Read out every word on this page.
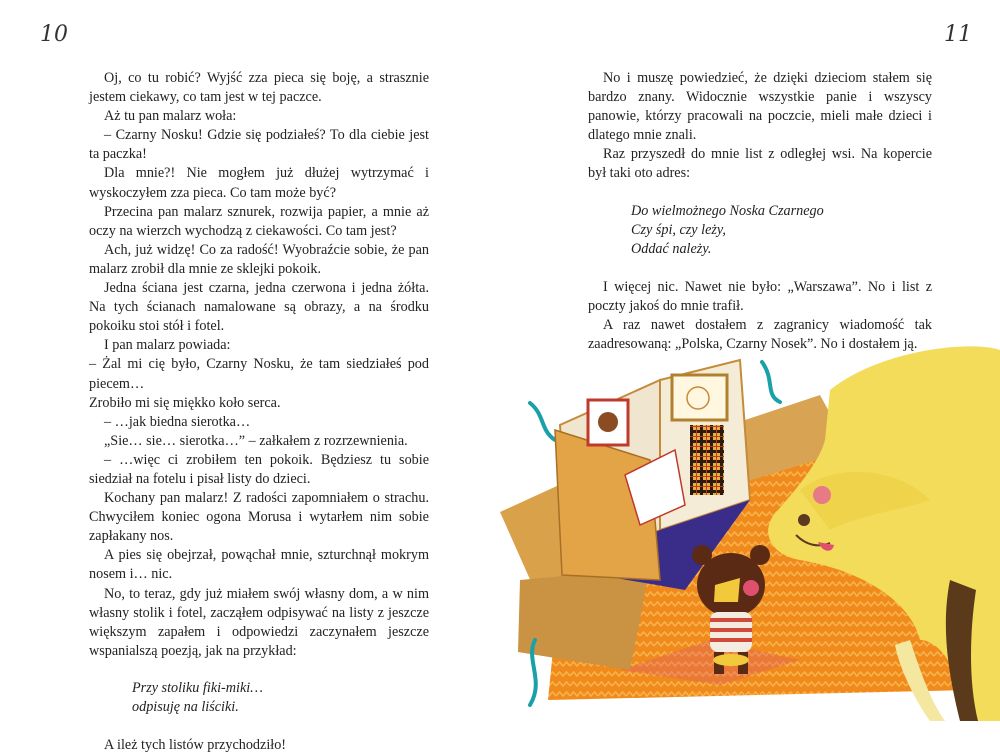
10

Oj, co tu robić? Wyjść zza pieca się boję, a strasznie jestem ciekawy, co tam jest w tej paczce.

Aż tu pan malarz woła:

– Czarny Nosku! Gdzie się podziałeś? To dla ciebie jest ta paczka!

Dla mnie?! Nie mogłem już dłużej wytrzymać i wyskoczyłem zza pieca. Co tam może być?

Przecina pan malarz sznurek, rozwija papier, a mnie aż oczy na wierzch wychodzą z ciekawości. Co tam jest?

Ach, już widzę! Co za radość! Wyobraźcie sobie, że pan malarz zrobił dla mnie ze sklejki pokoik.

Jedna ściana jest czarna, jedna czerwona i jedna żółta. Na tych ścianach namalowane są obrazy, a na środku pokoiku stoi stół i fotel.

I pan malarz powiada:

– Żal mi cię było, Czarny Nosku, że tam siedziałeś pod piecem…

Zrobiło mi się miękko koło serca.

– …jak biedna sierotka…

„Sie… sie… sierotka…” – załkałem z rozrzewnienia.

– …więc ci zrobiłem ten pokoik. Będziesz tu sobie siedział na fotelu i pisał listy do dzieci.

Kochany pan malarz! Z radości zapomniałem o strachu. Chwyciłem koniec ogona Morusa i wytarłem nim sobie zapłakany nos.

A pies się obejrzał, powąchał mnie, szturchnął mokrym nosem i… nic.

No, to teraz, gdy już miałem swój własny dom, a w nim własny stolik i fotel, zacząłem odpisywać na listy z jeszcze większym zapałem i odpowiedzi zaczynałem jeszcze wspanialszą poezją, jak na przykład:

Przy stoliku fiki-miki…
odpisuję na liściki.

A ileż tych listów przychodziło!

11

No i muszę powiedzieć, że dzięki dzieciom stałem się bardzo znany. Widocznie wszystkie panie i wszyscy panowie, którzy pracowali na poczcie, mieli małe dzieci i dlatego mnie znali.

Raz przyszedł do mnie list z odległej wsi. Na kopercie był taki oto adres:

Do wielmożnego Noska Czarnego
Czy śpi, czy leży,
Oddać należy.

I więcej nic. Nawet nie było: „Warszawa”. No i list z poczty jakoś do mnie trafił.

A raz nawet dostałem z zagranicy wiadomość tak zaadresowaną: „Polska, Czarny Nosek”. No i dostałem ją.
